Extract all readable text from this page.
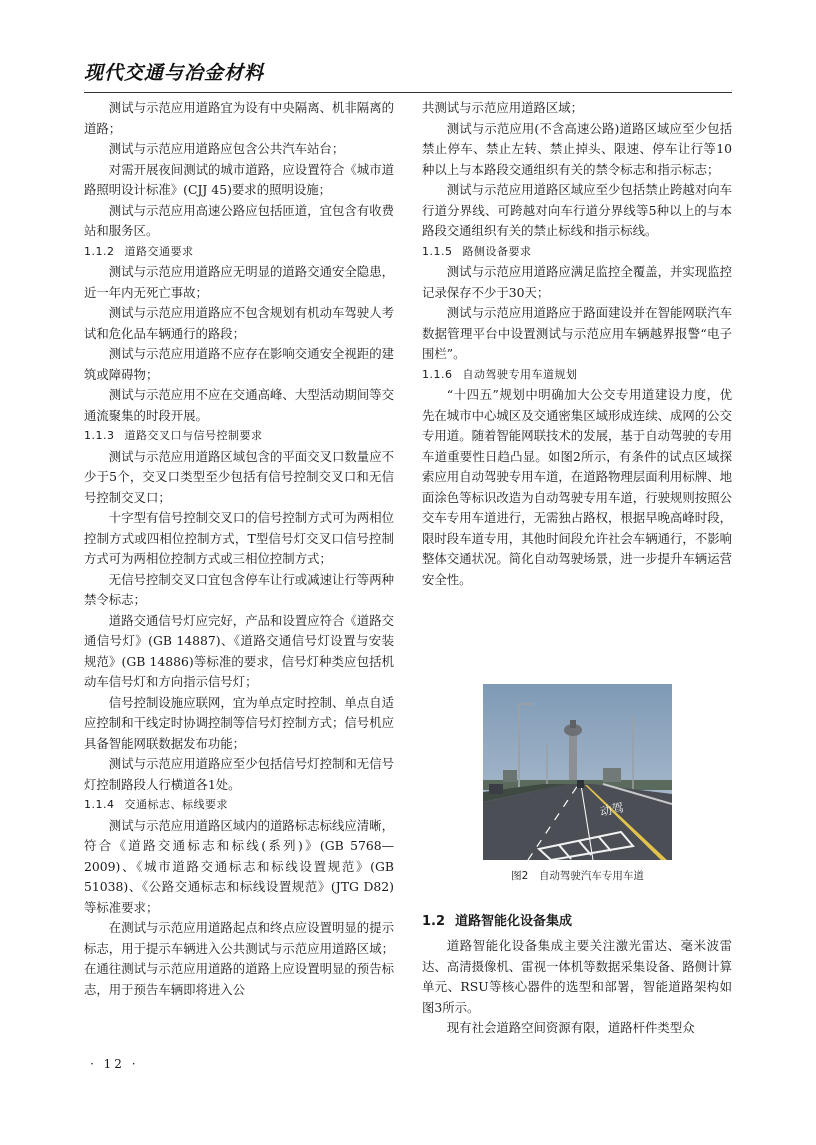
现代交通与冶金材料

测试与示范应用道路宜为设有中央隔离、机非隔离的道路；

测试与示范应用道路应包含公共汽车站台；

对需开展夜间测试的城市道路，应设置符合《城市道路照明设计标准》(CJJ 45)要求的照明设施；

测试与示范应用高速公路应包括匝道，宜包含有收费站和服务区。

1.1.2 道路交通要求

测试与示范应用道路应无明显的道路交通安全隐患，近一年内无死亡事故；

测试与示范应用道路应不包含规划有机动车驾驶人考试和危化品车辆通行的路段；

测试与示范应用道路不应存在影响交通安全视距的建筑或障碍物；

测试与示范应用不应在交通高峰、大型活动期间等交通流聚集的时段开展。

1.1.3 道路交叉口与信号控制要求

测试与示范应用道路区域包含的平面交叉口数量应不少于5个，交叉口类型至少包括有信号控制交叉口和无信号控制交叉口；

十字型有信号控制交叉口的信号控制方式可为两相位控制方式或四相位控制方式，T型信号灯交叉口信号控制方式可为两相位控制方式或三相位控制方式；

无信号控制交叉口宜包含停车让行或减速让行等两种禁令标志；

道路交通信号灯应完好，产品和设置应符合《道路交通信号灯》(GB 14887)、《道路交通信号灯设置与安装规范》(GB 14886)等标准的要求，信号灯种类应包括机动车信号灯和方向指示信号灯；

信号控制设施应联网，宜为单点定时控制、单点自适应控制和干线定时协调控制等信号灯控制方式；信号机应具备智能网联数据发布功能；

测试与示范应用道路应至少包括信号灯控制和无信号灯控制路段人行横道各1处。

1.1.4 交通标志、标线要求

测试与示范应用道路区域内的道路标志标线应清晰，符合《道路交通标志和标线(系列)》(GB 5768—2009)、《城市道路交通标志和标线设置规范》(GB 51038)、《公路交通标志和标线设置规范》(JTG D82)等标准要求；

在测试与示范应用道路起点和终点应设置明显的提示标志，用于提示车辆进入公共测试与示范应用道路区域；在通往测试与示范应用道路的道路上应设置明显的预告标志，用于预告车辆即将进入公

共测试与示范应用道路区域；

测试与示范应用(不含高速公路)道路区域应至少包括禁止停车、禁止左转、禁止掉头、限速、停车让行等10种以上与本路段交通组织有关的禁令标志和指示标志；

测试与示范应用道路区域应至少包括禁止跨越对向车行道分界线、可跨越对向车行道分界线等5种以上的与本路段交通组织有关的禁止标线和指示标线。

1.1.5 路侧设备要求

测试与示范应用道路应满足监控全覆盖，并实现监控记录保存不少于30天；

测试与示范应用道路应于路面建设并在智能网联汽车数据管理平台中设置测试与示范应用车辆越界报警“电子围栏”。

1.1.6 自动驾驶专用车道规划

“十四五”规划中明确加大公交专用道建设力度，优先在城市中心城区及交通密集区域形成连续、成网的公交专用道。随着智能网联技术的发展，基于自动驾驶的专用车道重要性日趋凸显。如图2所示，有条件的试点区域探索应用自动驾驶专用车道，在道路物理层面利用标牌、地面涂色等标识改造为自动驾驶专用车道，行驶规则按照公交车专用车道进行，无需独占路权，根据早晚高峰时段，限时段车道专用，其他时间段允许社会车辆通行，不影响整体交通状况。简化自动驾驶场景，进一步提升车辆运营安全性。

动驾
图2　自动驾驶汽车专用车道
1.2 道路智能化设备集成

道路智能化设备集成主要关注激光雷达、毫米波雷达、高清摄像机、雷视一体机等数据采集设备、路侧计算单元、RSU等核心器件的选型和部署，智能道路架构如图3所示。

现有社会道路空间资源有限，道路杆件类型众

· 12 ·
